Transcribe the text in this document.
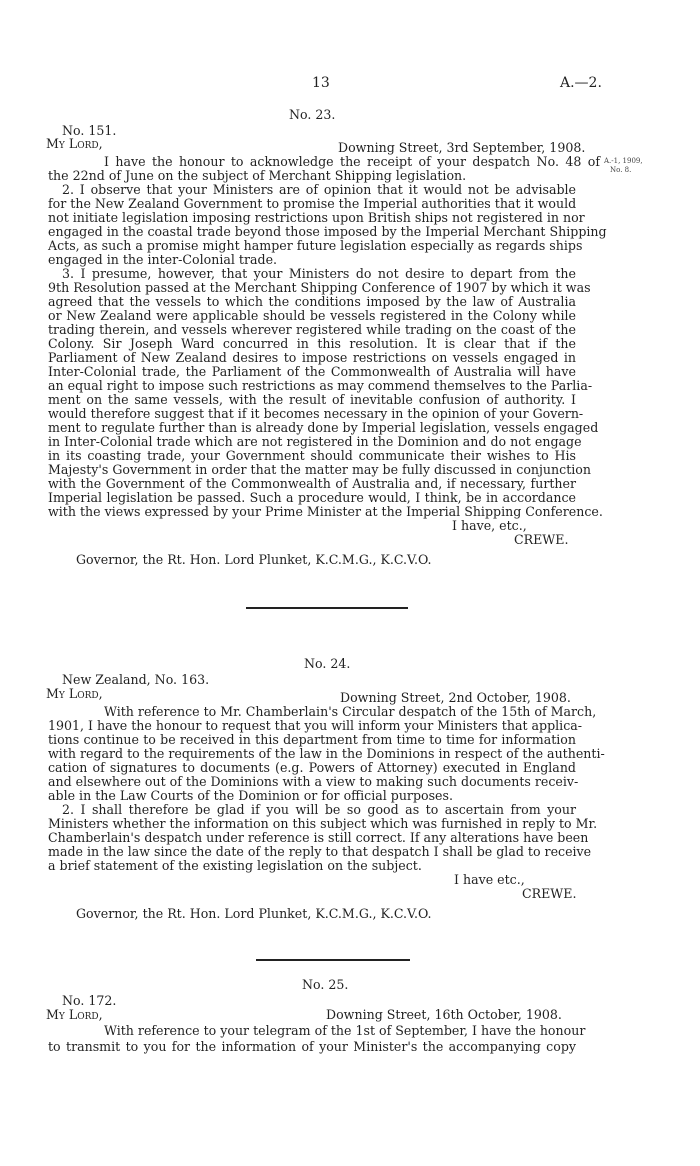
13	A.—2.
No. 23.
No. 151.
My Lord,	Downing Street, 3rd September, 1908.
A.-1, 1909,
No. 8.
I have the honour to acknowledge the receipt of your despatch No. 48 of
the 22nd of June on the subject of Merchant Shipping legislation.
2. I observe that your Ministers are of opinion that it would not be advisable
for the New Zealand Government to promise the Imperial authorities that it would
not initiate legislation imposing restrictions upon British ships not registered in nor
engaged in the coastal trade beyond those imposed by the Imperial Merchant Shipping
Acts, as such a promise might hamper future legislation especially as regards ships
engaged in the inter-Colonial trade.
3. I presume, however, that your Ministers do not desire to depart from the
9th Resolution passed at the Merchant Shipping Conference of 1907 by which it was
agreed that the vessels to which the conditions imposed by the law of Australia
or New Zealand were applicable should be vessels registered in the Colony while
trading therein, and vessels wherever registered while trading on the coast of the
Colony. Sir Joseph Ward concurred in this resolution. It is clear that if the
Parliament of New Zealand desires to impose restrictions on vessels engaged in
Inter-Colonial trade, the Parliament of the Commonwealth of Australia will have
an equal right to impose such restrictions as may commend themselves to the Parlia-
ment on the same vessels, with the result of inevitable confusion of authority. I
would therefore suggest that if it becomes necessary in the opinion of your Govern-
ment to regulate further than is already done by Imperial legislation, vessels engaged
in Inter-Colonial trade which are not registered in the Dominion and do not engage
in its coasting trade, your Government should communicate their wishes to His
Majesty's Government in order that the matter may be fully discussed in conjunction
with the Government of the Commonwealth of Australia and, if necessary, further
Imperial legislation be passed. Such a procedure would, I think, be in accordance
with the views expressed by your Prime Minister at the Imperial Shipping Conference.
I have, etc.,
CREWE.
Governor, the Rt. Hon. Lord Plunket, K.C.M.G., K.C.V.O.
No. 24.
New Zealand, No. 163.
My Lord,	Downing Street, 2nd October, 1908.
With reference to Mr. Chamberlain's Circular despatch of the 15th of March,
1901, I have the honour to request that you will inform your Ministers that applica-
tions continue to be received in this department from time to time for information
with regard to the requirements of the law in the Dominions in respect of the authenti-
cation of signatures to documents (e.g. Powers of Attorney) executed in England
and elsewhere out of the Dominions with a view to making such documents receiv-
able in the Law Courts of the Dominion or for official purposes.
2. I shall therefore be glad if you will be so good as to ascertain from your
Ministers whether the information on this subject which was furnished in reply to Mr.
Chamberlain's despatch under reference is still correct. If any alterations have been
made in the law since the date of the reply to that despatch I shall be glad to receive
a brief statement of the existing legislation on the subject.
I have etc.,
CREWE.
Governor, the Rt. Hon. Lord Plunket, K.C.M.G., K.C.V.O.
No. 25.
No. 172.
My Lord,	Downing Street, 16th October, 1908.
With reference to your telegram of the 1st of September, I have the honour
to transmit to you for the information of your Minister's the accompanying copy
